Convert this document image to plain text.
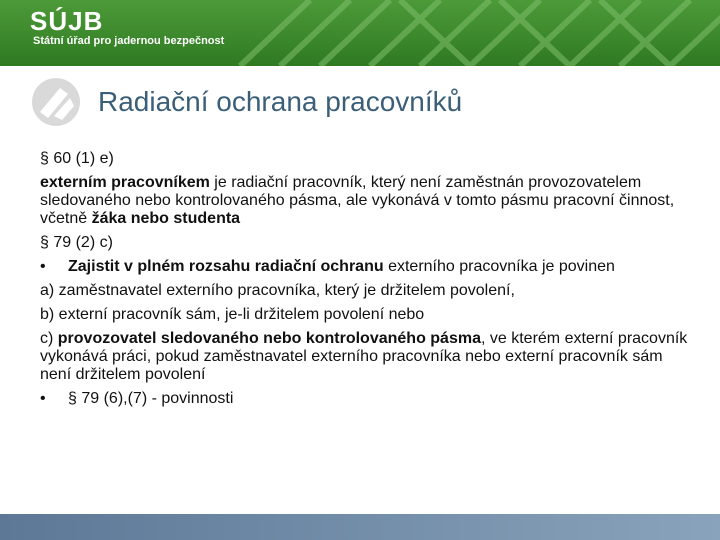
SÚJB
Státní úřad pro jadernou bezpečnost
Radiační ochrana pracovníků

§ 60 (1) e)

externím pracovníkem je radiační pracovník, který není zaměstnán provozovatelem sledovaného nebo kontrolovaného pásma, ale vykonává v tomto pásmu pracovní činnost, včetně žáka nebo studenta

§ 79 (2) c)

•	Zajistit v plném rozsahu radiační ochranu externího pracovníka je povinen

a) zaměstnavatel externího pracovníka, který je držitelem povolení,

b) externí pracovník sám, je-li držitelem povolení nebo

c) provozovatel sledovaného nebo kontrolovaného pásma, ve kterém externí pracovník vykonává práci, pokud zaměstnavatel externího pracovníka nebo externí pracovník sám není držitelem povolení

•	§ 79 (6),(7) - povinnosti
